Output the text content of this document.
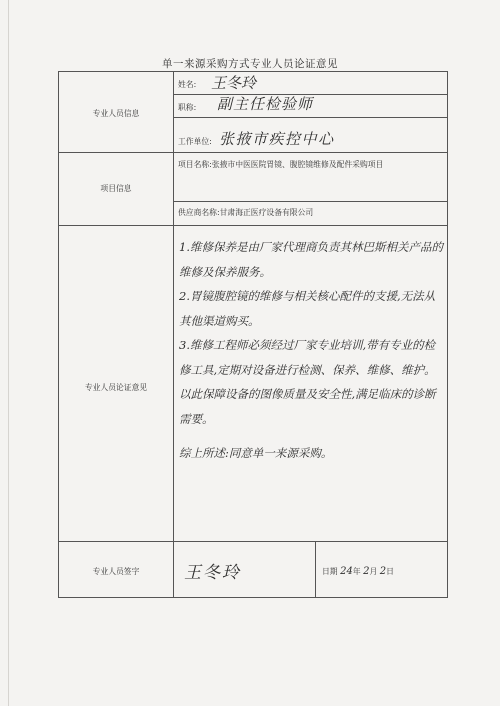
单一来源采购方式专业人员论证意见
专业人员信息
姓名: 王冬玲
职称: 副主任检验师
工作单位: 张掖市疾控中心
项目信息
项目名称:张掖市中医医院胃镜、腹腔镜维修及配件采购项目
供应商名称:甘肃海正医疗设备有限公司
专业人员论证意见

1.维修保养是由厂家代理商负责其林巴斯相关产品的维修及保养服务。

2.胃镜腹腔镜的维修与相关核心配件的支援,无法从其他渠道购买。

3.维修工程师必须经过厂家专业培训,带有专业的检修工具,定期对设备进行检测、保养、维修、维护。以此保障设备的图像质量及安全性,满足临床的诊断需要。

综上所述:同意单一来源采购。

专业人员签字	王冬玲	日期 24年 2月 2日
